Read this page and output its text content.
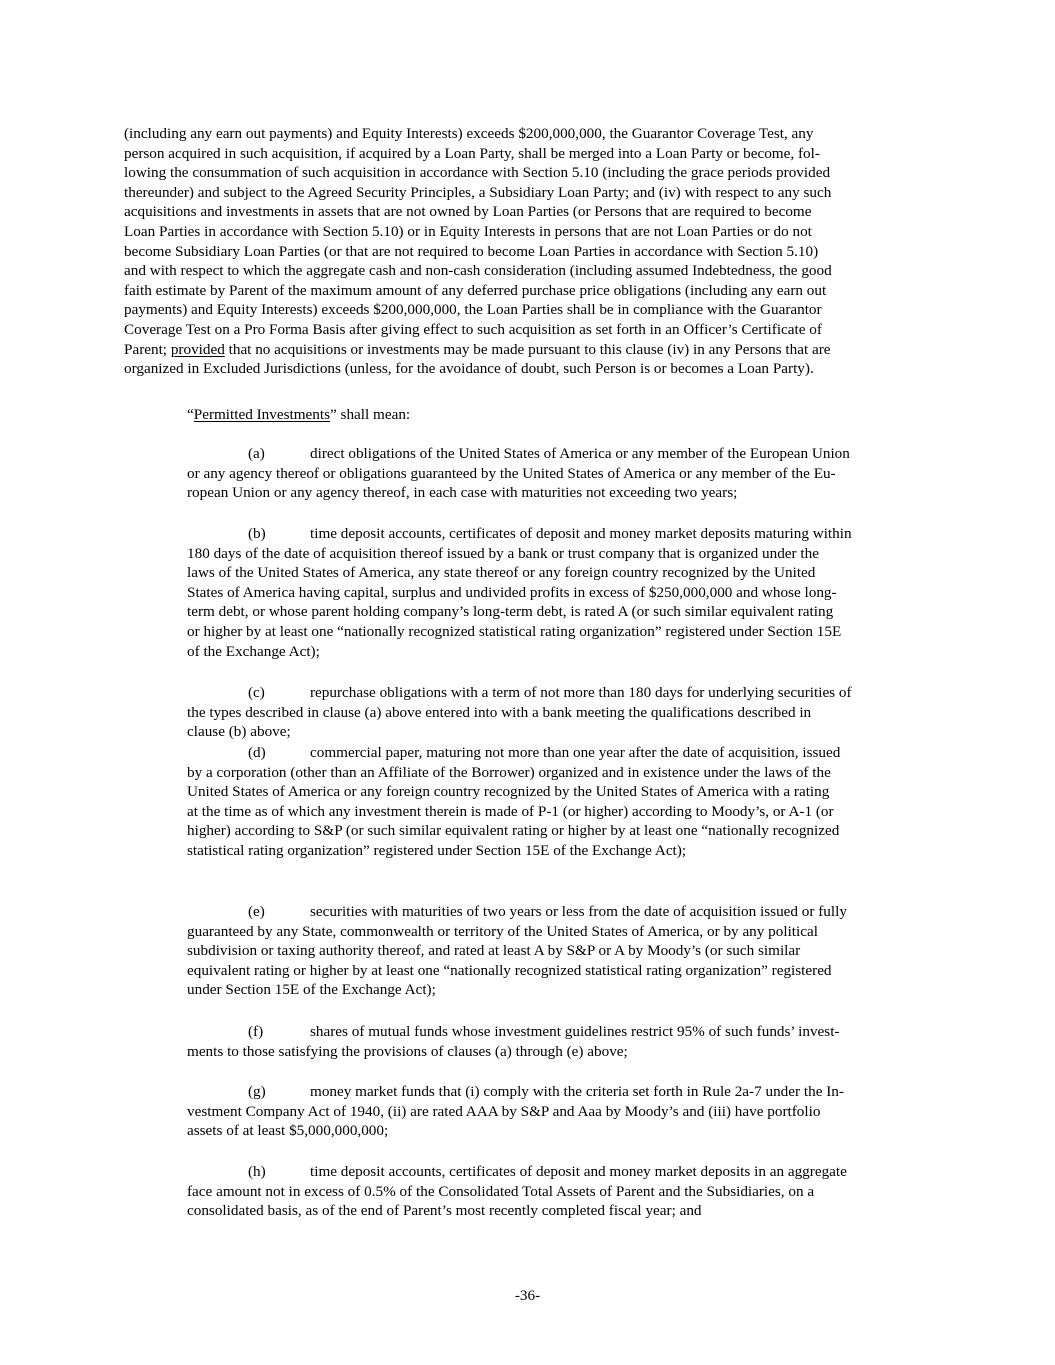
(including any earn out payments) and Equity Interests) exceeds $200,000,000, the Guarantor Coverage Test, any
person acquired in such acquisition, if acquired by a Loan Party, shall be merged into a Loan Party or become, fol-
lowing the consummation of such acquisition in accordance with Section 5.10 (including the grace periods provided
thereunder) and subject to the Agreed Security Principles, a Subsidiary Loan Party; and (iv) with respect to any such
acquisitions and investments in assets that are not owned by Loan Parties (or Persons that are required to become
Loan Parties in accordance with Section 5.10) or in Equity Interests in persons that are not Loan Parties or do not
become Subsidiary Loan Parties (or that are not required to become Loan Parties in accordance with Section 5.10)
and with respect to which the aggregate cash and non-cash consideration (including assumed Indebtedness, the good
faith estimate by Parent of the maximum amount of any deferred purchase price obligations (including any earn out
payments) and Equity Interests) exceeds $200,000,000, the Loan Parties shall be in compliance with the Guarantor
Coverage Test on a Pro Forma Basis after giving effect to such acquisition as set forth in an Officer’s Certificate of
Parent; provided that no acquisitions or investments may be made pursuant to this clause (iv) in any Persons that are
organized in Excluded Jurisdictions (unless, for the avoidance of doubt, such Person is or becomes a Loan Party).

“Permitted Investments” shall mean:

(a)	direct obligations of the United States of America or any member of the European Union
or any agency thereof or obligations guaranteed by the United States of America or any member of the Eu-
ropean Union or any agency thereof, in each case with maturities not exceeding two years;

(b)	time deposit accounts, certificates of deposit and money market deposits maturing within
180 days of the date of acquisition thereof issued by a bank or trust company that is organized under the
laws of the United States of America, any state thereof or any foreign country recognized by the United
States of America having capital, surplus and undivided profits in excess of $250,000,000 and whose long-
term debt, or whose parent holding company’s long-term debt, is rated A (or such similar equivalent rating
or higher by at least one “nationally recognized statistical rating organization” registered under Section 15E
of the Exchange Act);

(c)	repurchase obligations with a term of not more than 180 days for underlying securities of
the types described in clause (a) above entered into with a bank meeting the qualifications described in
clause (b) above;

(d)	commercial paper, maturing not more than one year after the date of acquisition, issued
by a corporation (other than an Affiliate of the Borrower) organized and in existence under the laws of the
United States of America or any foreign country recognized by the United States of America with a rating
at the time as of which any investment therein is made of P-1 (or higher) according to Moody’s, or A-1 (or
higher) according to S&P (or such similar equivalent rating or higher by at least one “nationally recognized
statistical rating organization” registered under Section 15E of the Exchange Act);

(e)	securities with maturities of two years or less from the date of acquisition issued or fully
guaranteed by any State, commonwealth or territory of the United States of America, or by any political
subdivision or taxing authority thereof, and rated at least A by S&P or A by Moody’s (or such similar
equivalent rating or higher by at least one “nationally recognized statistical rating organization” registered
under Section 15E of the Exchange Act);

(f)	shares of mutual funds whose investment guidelines restrict 95% of such funds’ invest-
ments to those satisfying the provisions of clauses (a) through (e) above;

(g)	money market funds that (i) comply with the criteria set forth in Rule 2a-7 under the In-
vestment Company Act of 1940, (ii) are rated AAA by S&P and Aaa by Moody’s and (iii) have portfolio
assets of at least $5,000,000,000;

(h)	time deposit accounts, certificates of deposit and money market deposits in an aggregate
face amount not in excess of 0.5% of the Consolidated Total Assets of Parent and the Subsidiaries, on a
consolidated basis, as of the end of Parent’s most recently completed fiscal year; and

-36-
